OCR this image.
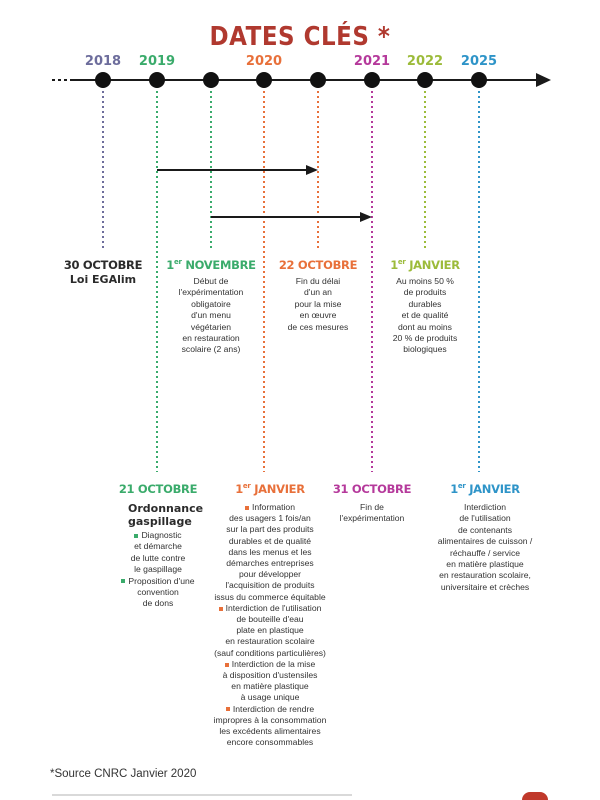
DATES CLÉS *
2018	2019	2020	2021	2022	2025
30 OCTOBRE
Loi EGAlim
1er NOVEMBRE
Début de
l'expérimentation
obligatoire
d'un menu
végétarien
en restauration
scolaire (2 ans)
22 OCTOBRE
Fin du délai
d'un an
pour la mise
en œuvre
de ces mesures
1er JANVIER
Au moins 50 %
de produits
durables
et de qualité
dont au moins
20 % de produits
biologiques
21 OCTOBRE
Ordonnance gaspillage
Diagnostic
et démarche
de lutte contre
le gaspillage
Proposition d'une
convention
de dons
1er JANVIER
Information
des usagers 1 fois/an
sur la part des produits
durables et de qualité
dans les menus et les
démarches entreprises
pour développer
l'acquisition de produits
issus du commerce équitable
Interdiction de l'utilisation
de bouteille d'eau
plate en plastique
en restauration scolaire
(sauf conditions particulières)
Interdiction de la mise
à disposition d'ustensiles
en matière plastique
à usage unique
Interdiction de rendre
impropres à la consommation
les excédents alimentaires
encore consommables
31 OCTOBRE
Fin de
l'expérimentation
1er JANVIER
Interdiction
de l'utilisation
de contenants
alimentaires de cuisson /
réchauffe / service
en matière plastique
en restauration scolaire,
universitaire et crèches
*Source CNRC Janvier 2020
